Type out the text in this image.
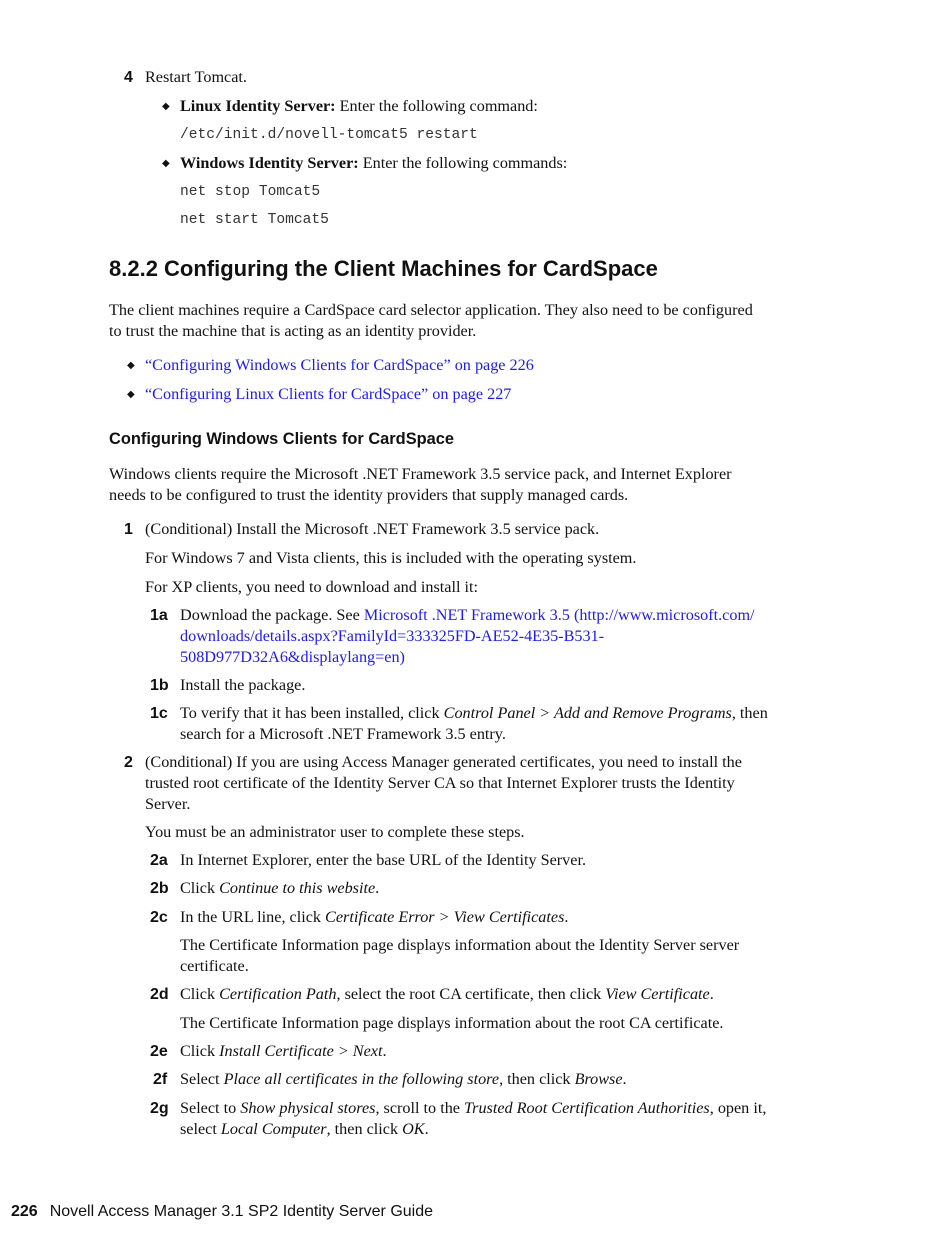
4 Restart Tomcat.
◆ Linux Identity Server: Enter the following command:
/etc/init.d/novell-tomcat5 restart
◆ Windows Identity Server: Enter the following commands:
net stop Tomcat5
net start Tomcat5
8.2.2 Configuring the Client Machines for CardSpace
The client machines require a CardSpace card selector application. They also need to be configured
to trust the machine that is acting as an identity provider.
◆ “Configuring Windows Clients for CardSpace” on page 226
◆ “Configuring Linux Clients for CardSpace” on page 227
Configuring Windows Clients for CardSpace
Windows clients require the Microsoft .NET Framework 3.5 service pack, and Internet Explorer
needs to be configured to trust the identity providers that supply managed cards.
1 (Conditional) Install the Microsoft .NET Framework 3.5 service pack.
For Windows 7 and Vista clients, this is included with the operating system.
For XP clients, you need to download and install it:
1a Download the package. See Microsoft .NET Framework 3.5 (http://www.microsoft.com/
downloads/details.aspx?FamilyId=333325FD-AE52-4E35-B531-
508D977D32A6&displaylang=en)
1b Install the package.
1c To verify that it has been installed, click Control Panel > Add and Remove Programs, then
search for a Microsoft .NET Framework 3.5 entry.
2 (Conditional) If you are using Access Manager generated certificates, you need to install the
trusted root certificate of the Identity Server CA so that Internet Explorer trusts the Identity
Server.
You must be an administrator user to complete these steps.
2a In Internet Explorer, enter the base URL of the Identity Server.
2b Click Continue to this website.
2c In the URL line, click Certificate Error > View Certificates.
The Certificate Information page displays information about the Identity Server server
certificate.
2d Click Certification Path, select the root CA certificate, then click View Certificate.
The Certificate Information page displays information about the root CA certificate.
2e Click Install Certificate > Next.
2f Select Place all certificates in the following store, then click Browse.
2g Select to Show physical stores, scroll to the Trusted Root Certification Authorities, open it,
select Local Computer, then click OK.
226 Novell Access Manager 3.1 SP2 Identity Server Guide
